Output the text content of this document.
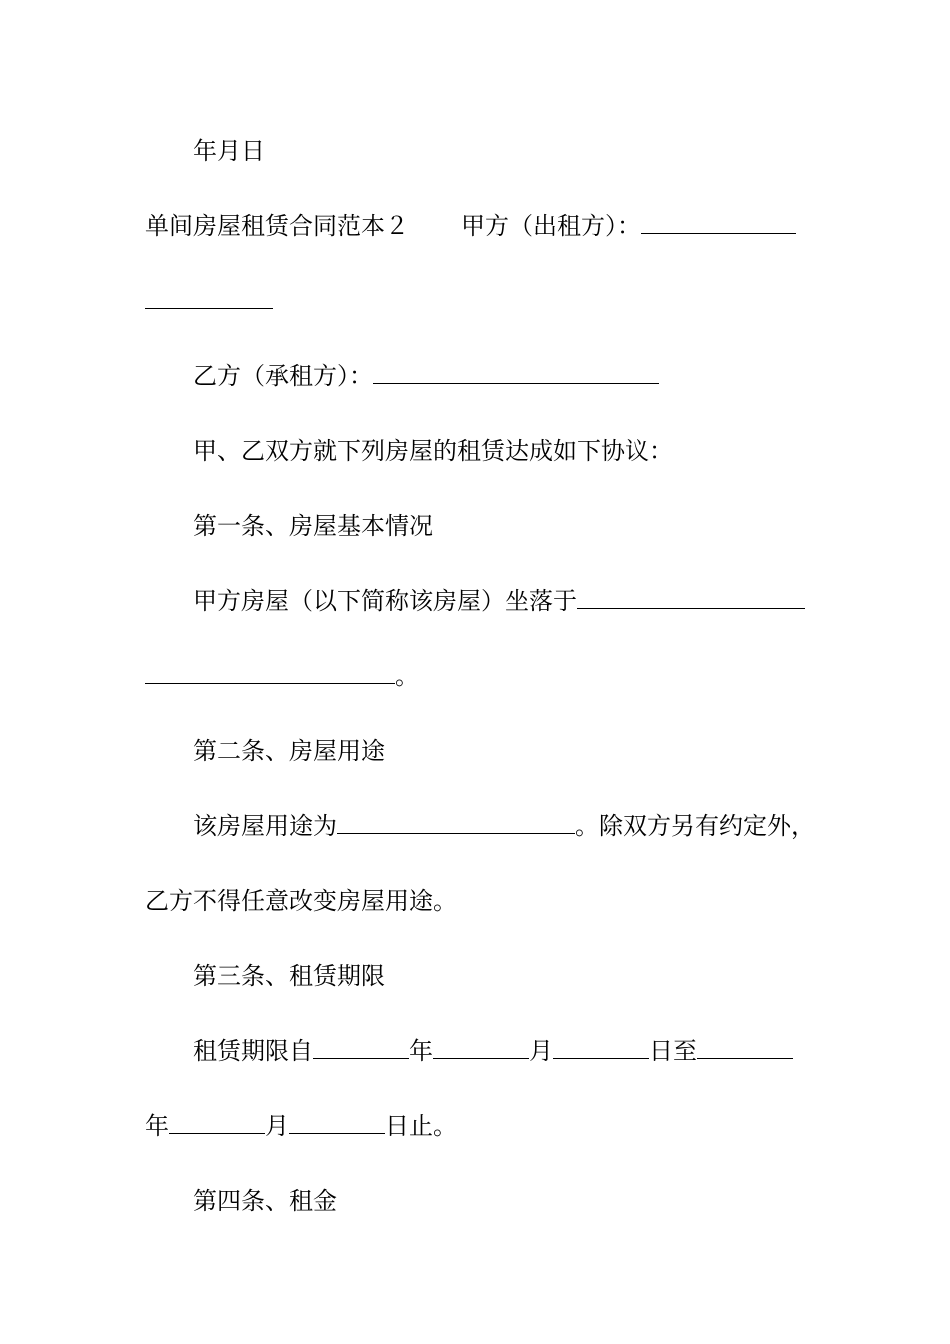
年月日
单间房屋租赁合同范本２ 甲方（出租方）：
乙方（承租方）：
甲、乙双方就下列房屋的租赁达成如下协议：
第一条、房屋基本情况
甲方房屋（以下简称该房屋）坐落于
。
第二条、房屋用途
该房屋用途为	。除双方另有约定外，
乙方不得任意改变房屋用途。
第三条、租赁期限
租赁期限自	年	月	日至
年	月	日止。
第四条、租金
